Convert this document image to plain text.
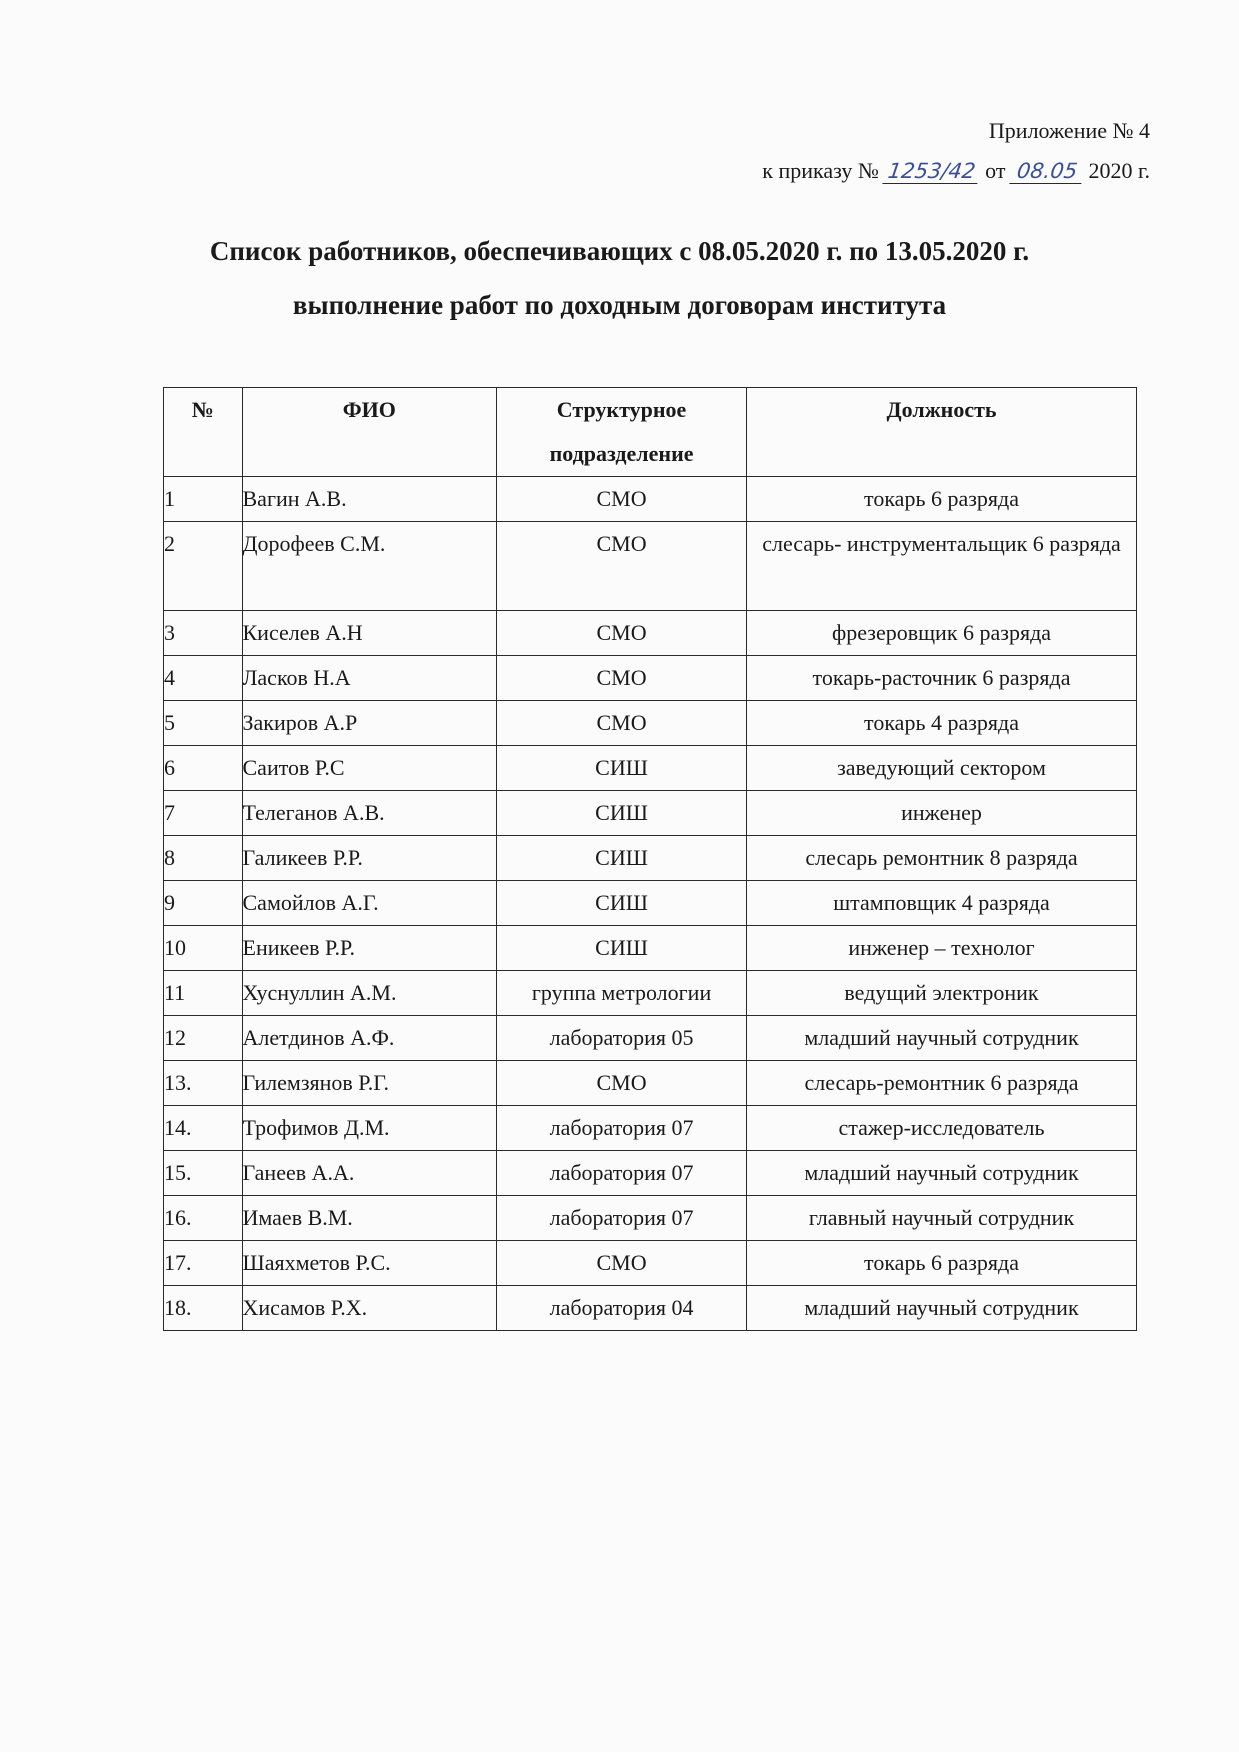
Приложение № 4
к приказу № 1253/42 от 08.05 2020 г.
Список работников, обеспечивающих с 08.05.2020 г. по 13.05.2020 г.
выполнение работ по доходным договорам института
№	ФИО	Структурное подразделение	Должность
1	Вагин А.В.	СМО	токарь 6 разряда
2	Дорофеев С.М.	СМО	слесарь- инструментальщик 6 разряда
3	Киселев А.Н	СМО	фрезеровщик 6 разряда
4	Ласков Н.А	СМО	токарь-расточник 6 разряда
5	Закиров А.Р	СМО	токарь 4 разряда
6	Саитов Р.С	СИШ	заведующий сектором
7	Телеганов А.В.	СИШ	инженер
8	Галикеев Р.Р.	СИШ	слесарь ремонтник 8 разряда
9	Самойлов А.Г.	СИШ	штамповщик 4 разряда
10	Еникеев Р.Р.	СИШ	инженер – технолог
11	Хуснуллин А.М.	группа метрологии	ведущий электроник
12	Алетдинов А.Ф.	лаборатория 05	младший научный сотрудник
13.	Гилемзянов Р.Г.	СМО	слесарь-ремонтник 6 разряда
14.	Трофимов Д.М.	лаборатория 07	стажер-исследователь
15.	Ганеев А.А.	лаборатория 07	младший научный сотрудник
16.	Имаев В.М.	лаборатория 07	главный научный сотрудник
17.	Шаяхметов Р.С.	СМО	токарь 6 разряда
18.	Хисамов Р.Х.	лаборатория 04	младший научный сотрудник
